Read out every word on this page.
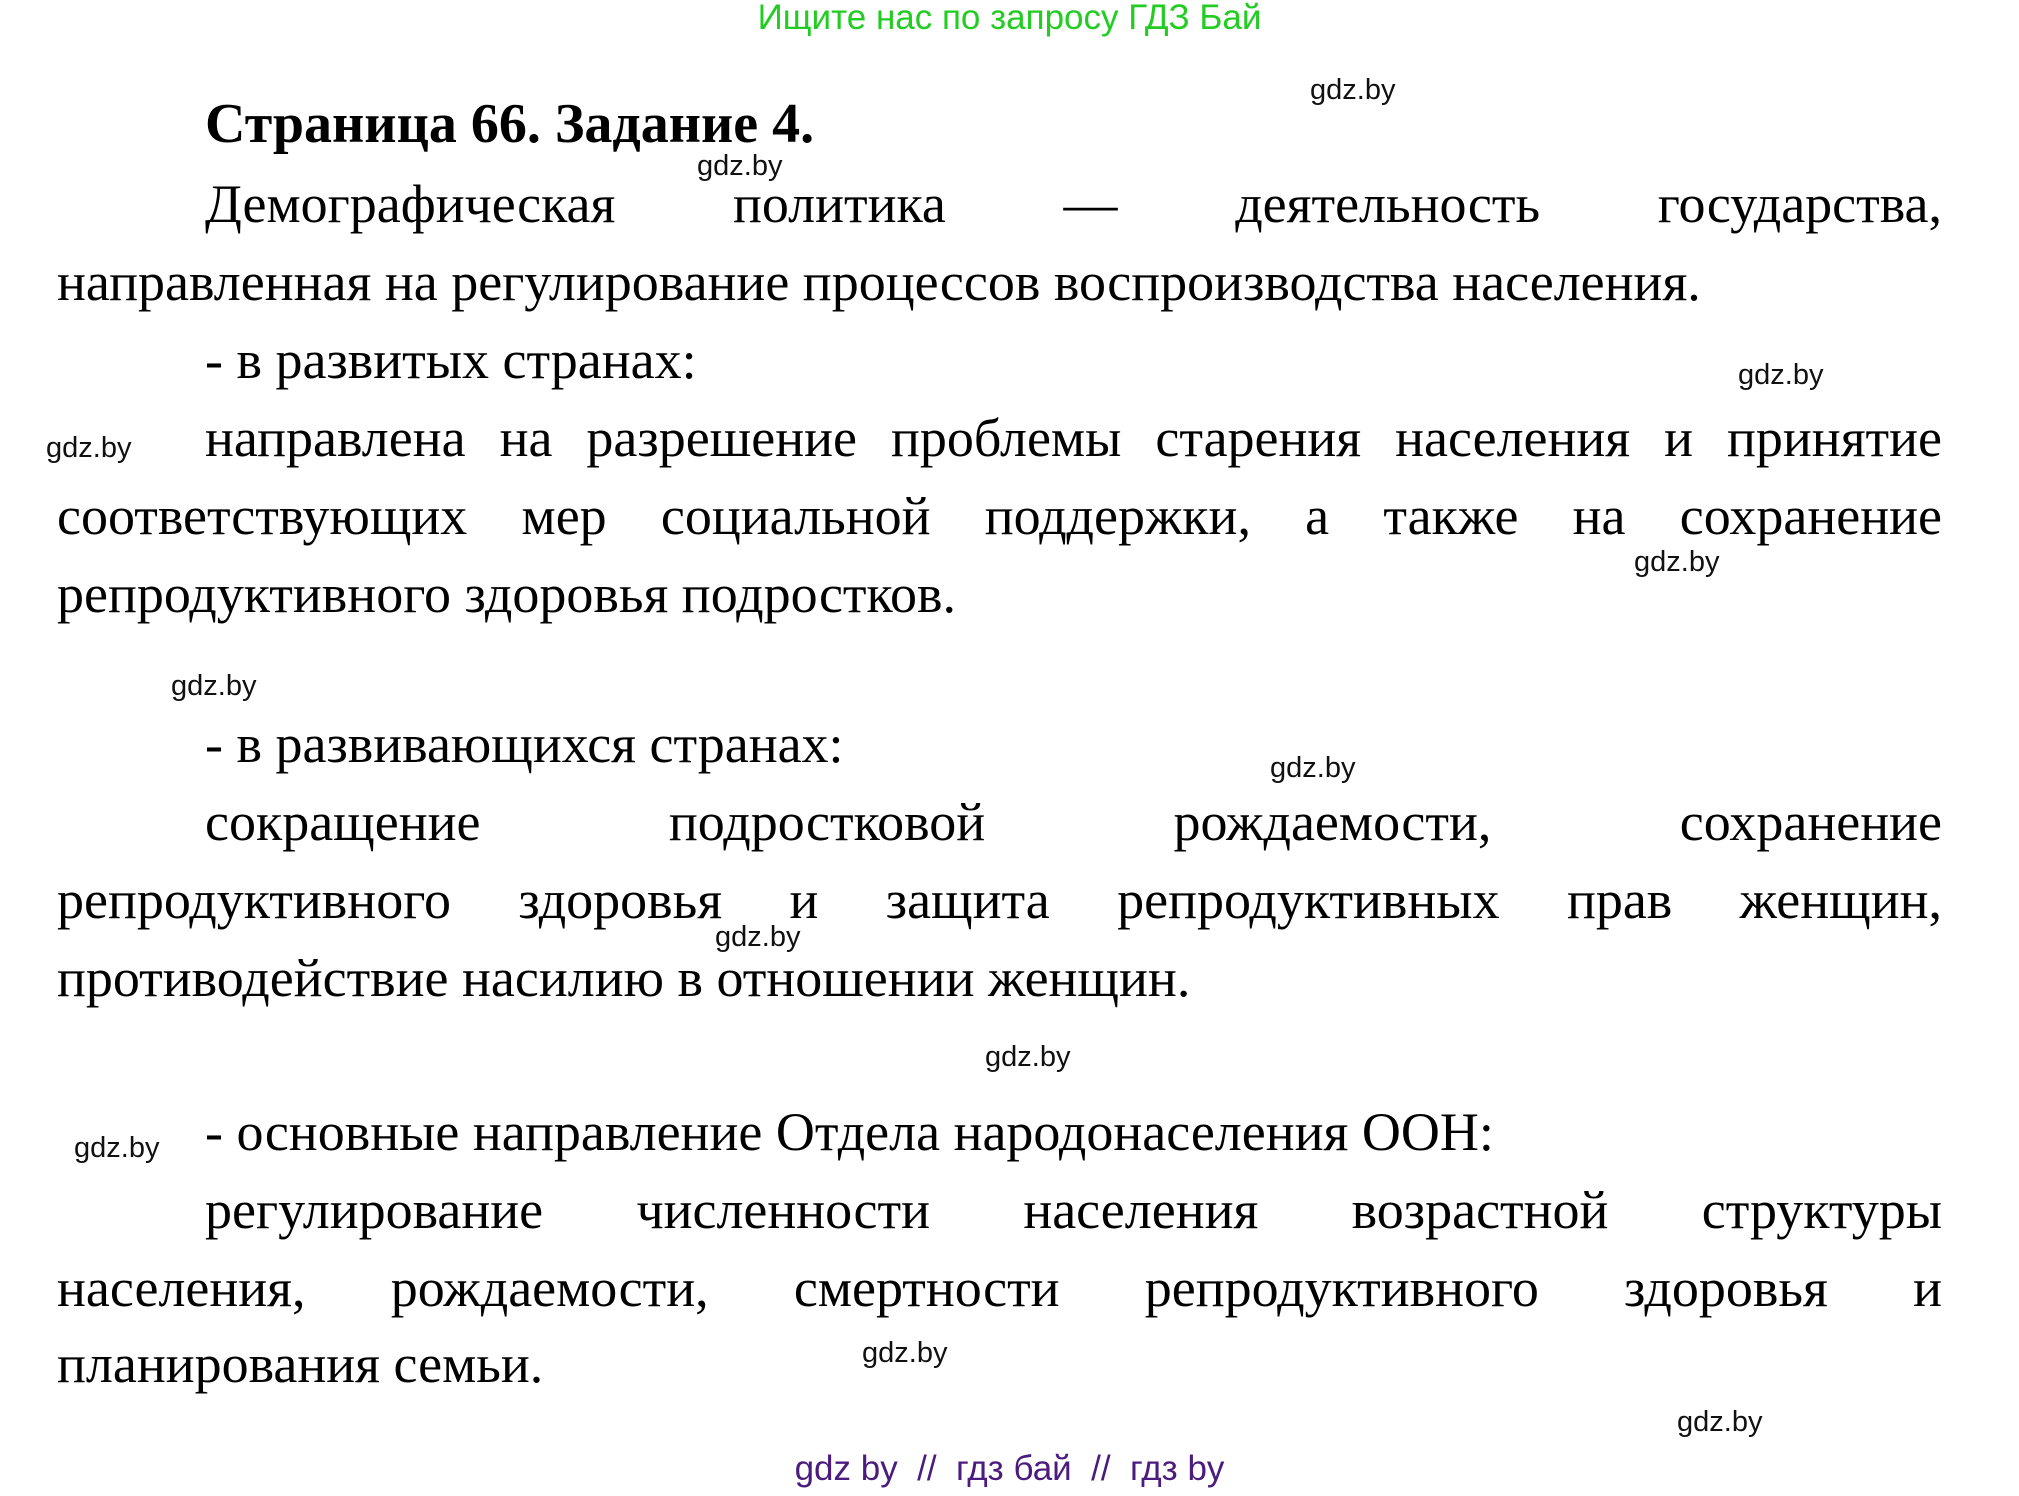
Ищите нас по запросу ГДЗ Бай
Страница 66. Задание 4.
Демографическая политика — деятельность государства,
направленная на регулирование процессов воспроизводства населения.
- в развитых странах:
направлена на разрешение проблемы старения населения и принятие
соответствующих мер социальной поддержки, а также на сохранение
репродуктивного здоровья подростков.
- в развивающихся странах:
сокращение подростковой рождаемости, сохранение
репродуктивного здоровья и защита репродуктивных прав женщин,
противодействие насилию в отношении женщин.
- основные направление Отдела народонаселения ООН:
регулирование численности населения возрастной структуры
населения, рождаемости, смертности репродуктивного здоровья и
планирования семьи.
gdz.by
gdz.by
gdz.by
gdz.by
gdz.by
gdz.by
gdz.by
gdz.by
gdz.by
gdz.by
gdz.by
gdz.by
gdz by  //  гдз бай  //  гдз by
